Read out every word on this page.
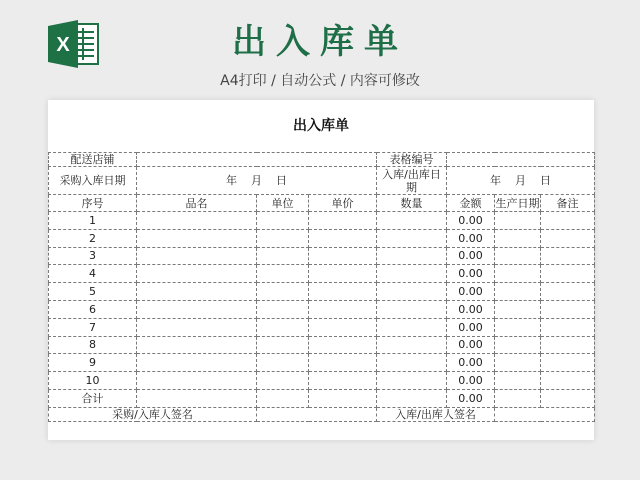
X	出入库单
A4打印 / 自动公式 / 内容可修改
出入库单
配送店铺				表格编号			
采购入库日期	年 月 日			入库/出库日期	年 月 日		
序号	品名	单位	单价	数量	金额	生产日期	备注
1					0.00		
2					0.00		
3					0.00		
4					0.00		
5					0.00		
6					0.00		
7					0.00		
8					0.00		
9					0.00		
10					0.00		
合计					0.00		
采购/入库人签名				入库/出库人签名			
